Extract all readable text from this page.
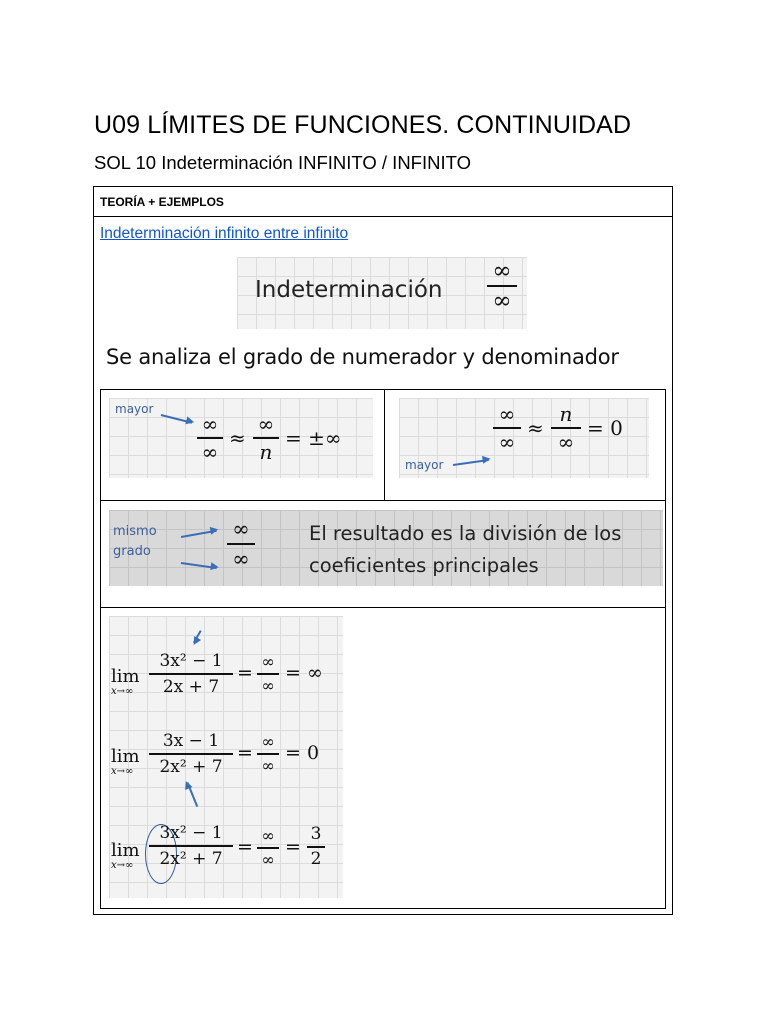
U09 LÍMITES DE FUNCIONES. CONTINUIDAD
SOL 10 Indeterminación INFINITO / INFINITO
TEORÍA + EJEMPLOS
Indeterminación infinito entre infinito
Indeterminación
∞
∞
Se analiza el grado de numerador y denominador
mayor
∞
∞
≈
∞
n
= ±∞
∞
∞
≈
n
∞
= 0
mayor
mismo
grado
∞
∞
El resultado es la división de los
coeficientes principales
lim
x→∞
3x² − 1
2x + 7
=
∞
∞
= ∞
lim
x→∞
3x − 1
2x² + 7
=
∞
∞
= 0
lim
x→∞
3x² − 1
2x² + 7
=
∞
∞
=
3
2
